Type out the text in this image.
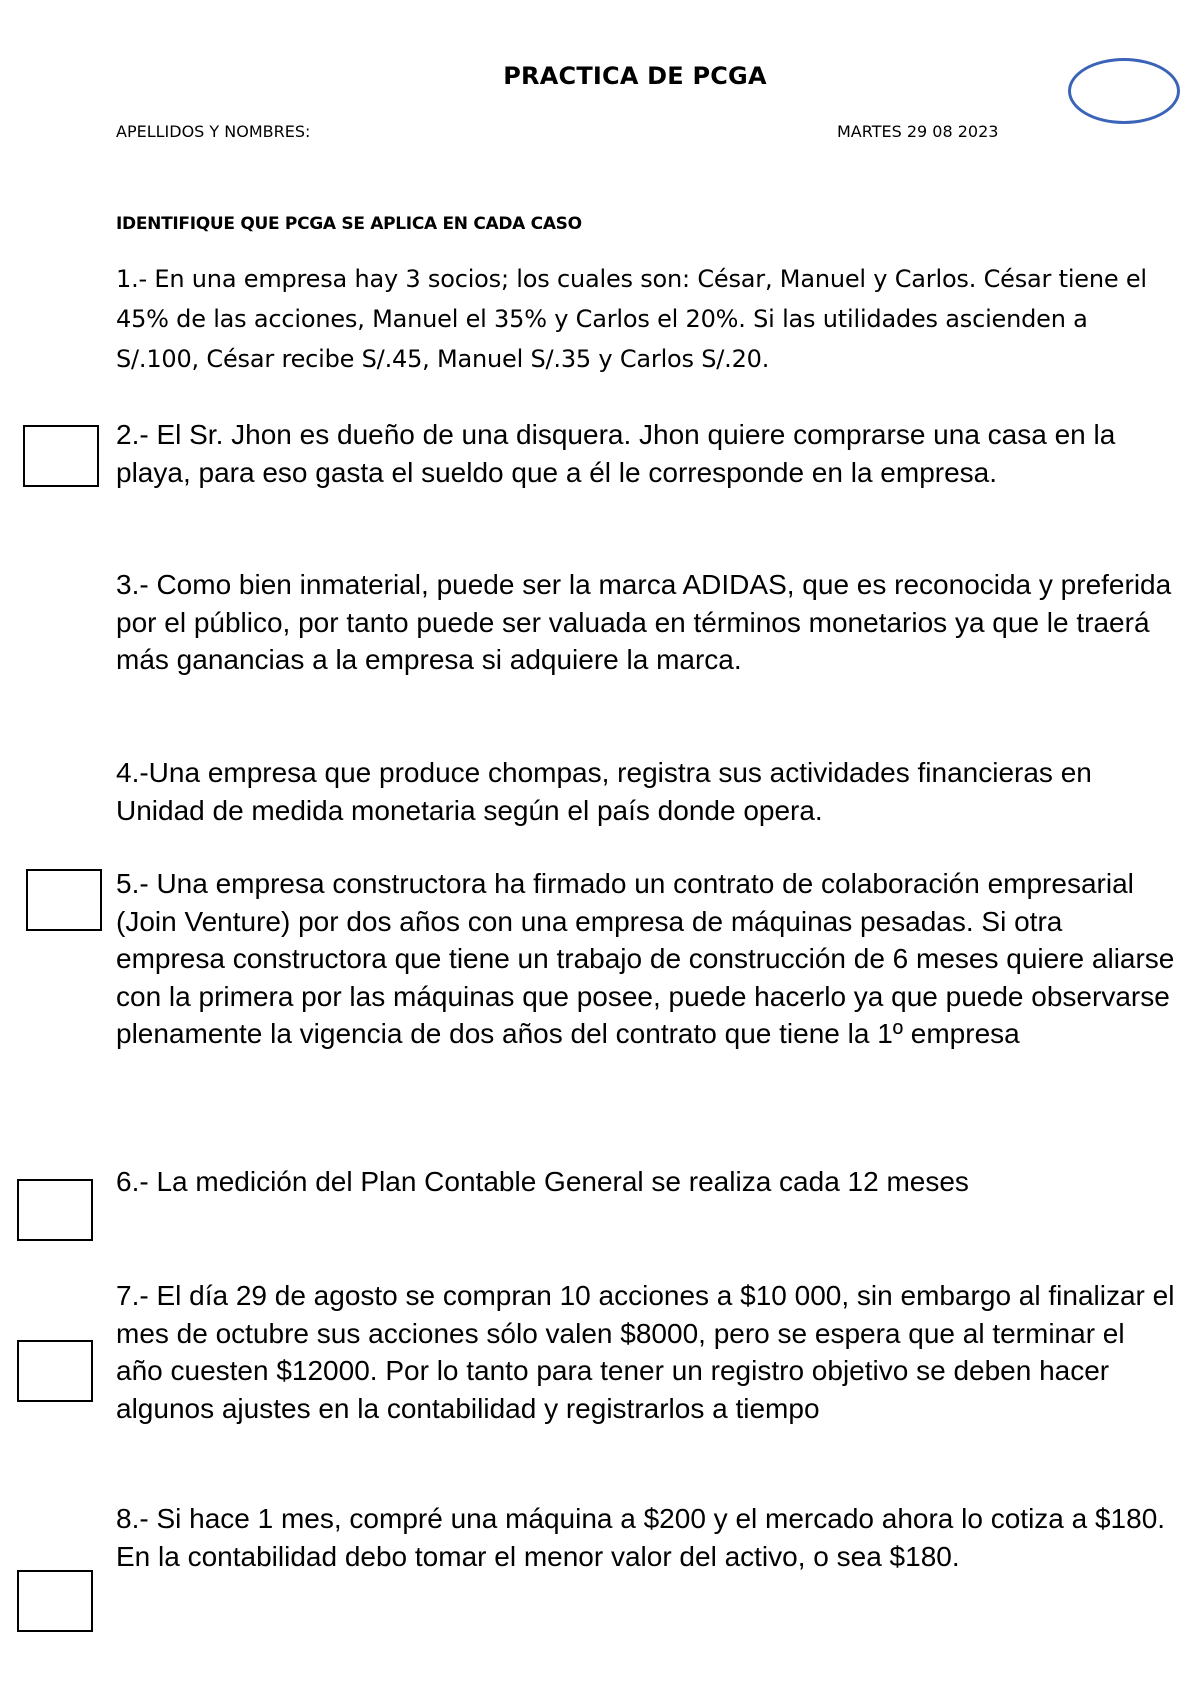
PRACTICA DE PCGA
APELLIDOS Y NOMBRES:	MARTES 29 08 2023
IDENTIFIQUE QUE PCGA SE APLICA EN CADA CASO

1.- En una empresa hay 3 socios; los cuales son: César, Manuel y Carlos. César tiene el 45% de las acciones, Manuel el 35% y Carlos el 20%. Si las utilidades ascienden a S/.100, César recibe S/.45, Manuel S/.35 y Carlos S/.20.

2.- El Sr. Jhon es dueño de una disquera. Jhon quiere comprarse una casa en la playa, para eso gasta el sueldo que a él le corresponde en la empresa.

3.- Como bien inmaterial, puede ser la marca ADIDAS, que es reconocida y preferida por el público, por tanto puede ser valuada en términos monetarios ya que le traerá más ganancias a la empresa si adquiere la marca.

4.-Una empresa que produce chompas, registra sus actividades financieras en Unidad de medida monetaria según el país donde opera.

5.- Una empresa constructora ha firmado un contrato de colaboración empresarial (Join Venture) por dos años con una empresa de máquinas pesadas. Si otra empresa constructora que tiene un trabajo de construcción de 6 meses quiere aliarse con la primera por las máquinas que posee, puede hacerlo ya que puede observarse plenamente la vigencia de dos años del contrato que tiene la 1º empresa

6.- La medición del Plan Contable General se realiza cada 12 meses

7.- El día 29 de agosto se compran 10 acciones a $10 000, sin embargo al finalizar el mes de octubre sus acciones sólo valen $8000, pero se espera que al terminar el año cuesten $12000. Por lo tanto para tener un registro objetivo se deben hacer algunos ajustes en la contabilidad y registrarlos a tiempo

8.- Si hace 1 mes, compré una máquina a $200 y el mercado ahora lo cotiza a $180. En la contabilidad debo tomar el menor valor del activo, o sea $180.
